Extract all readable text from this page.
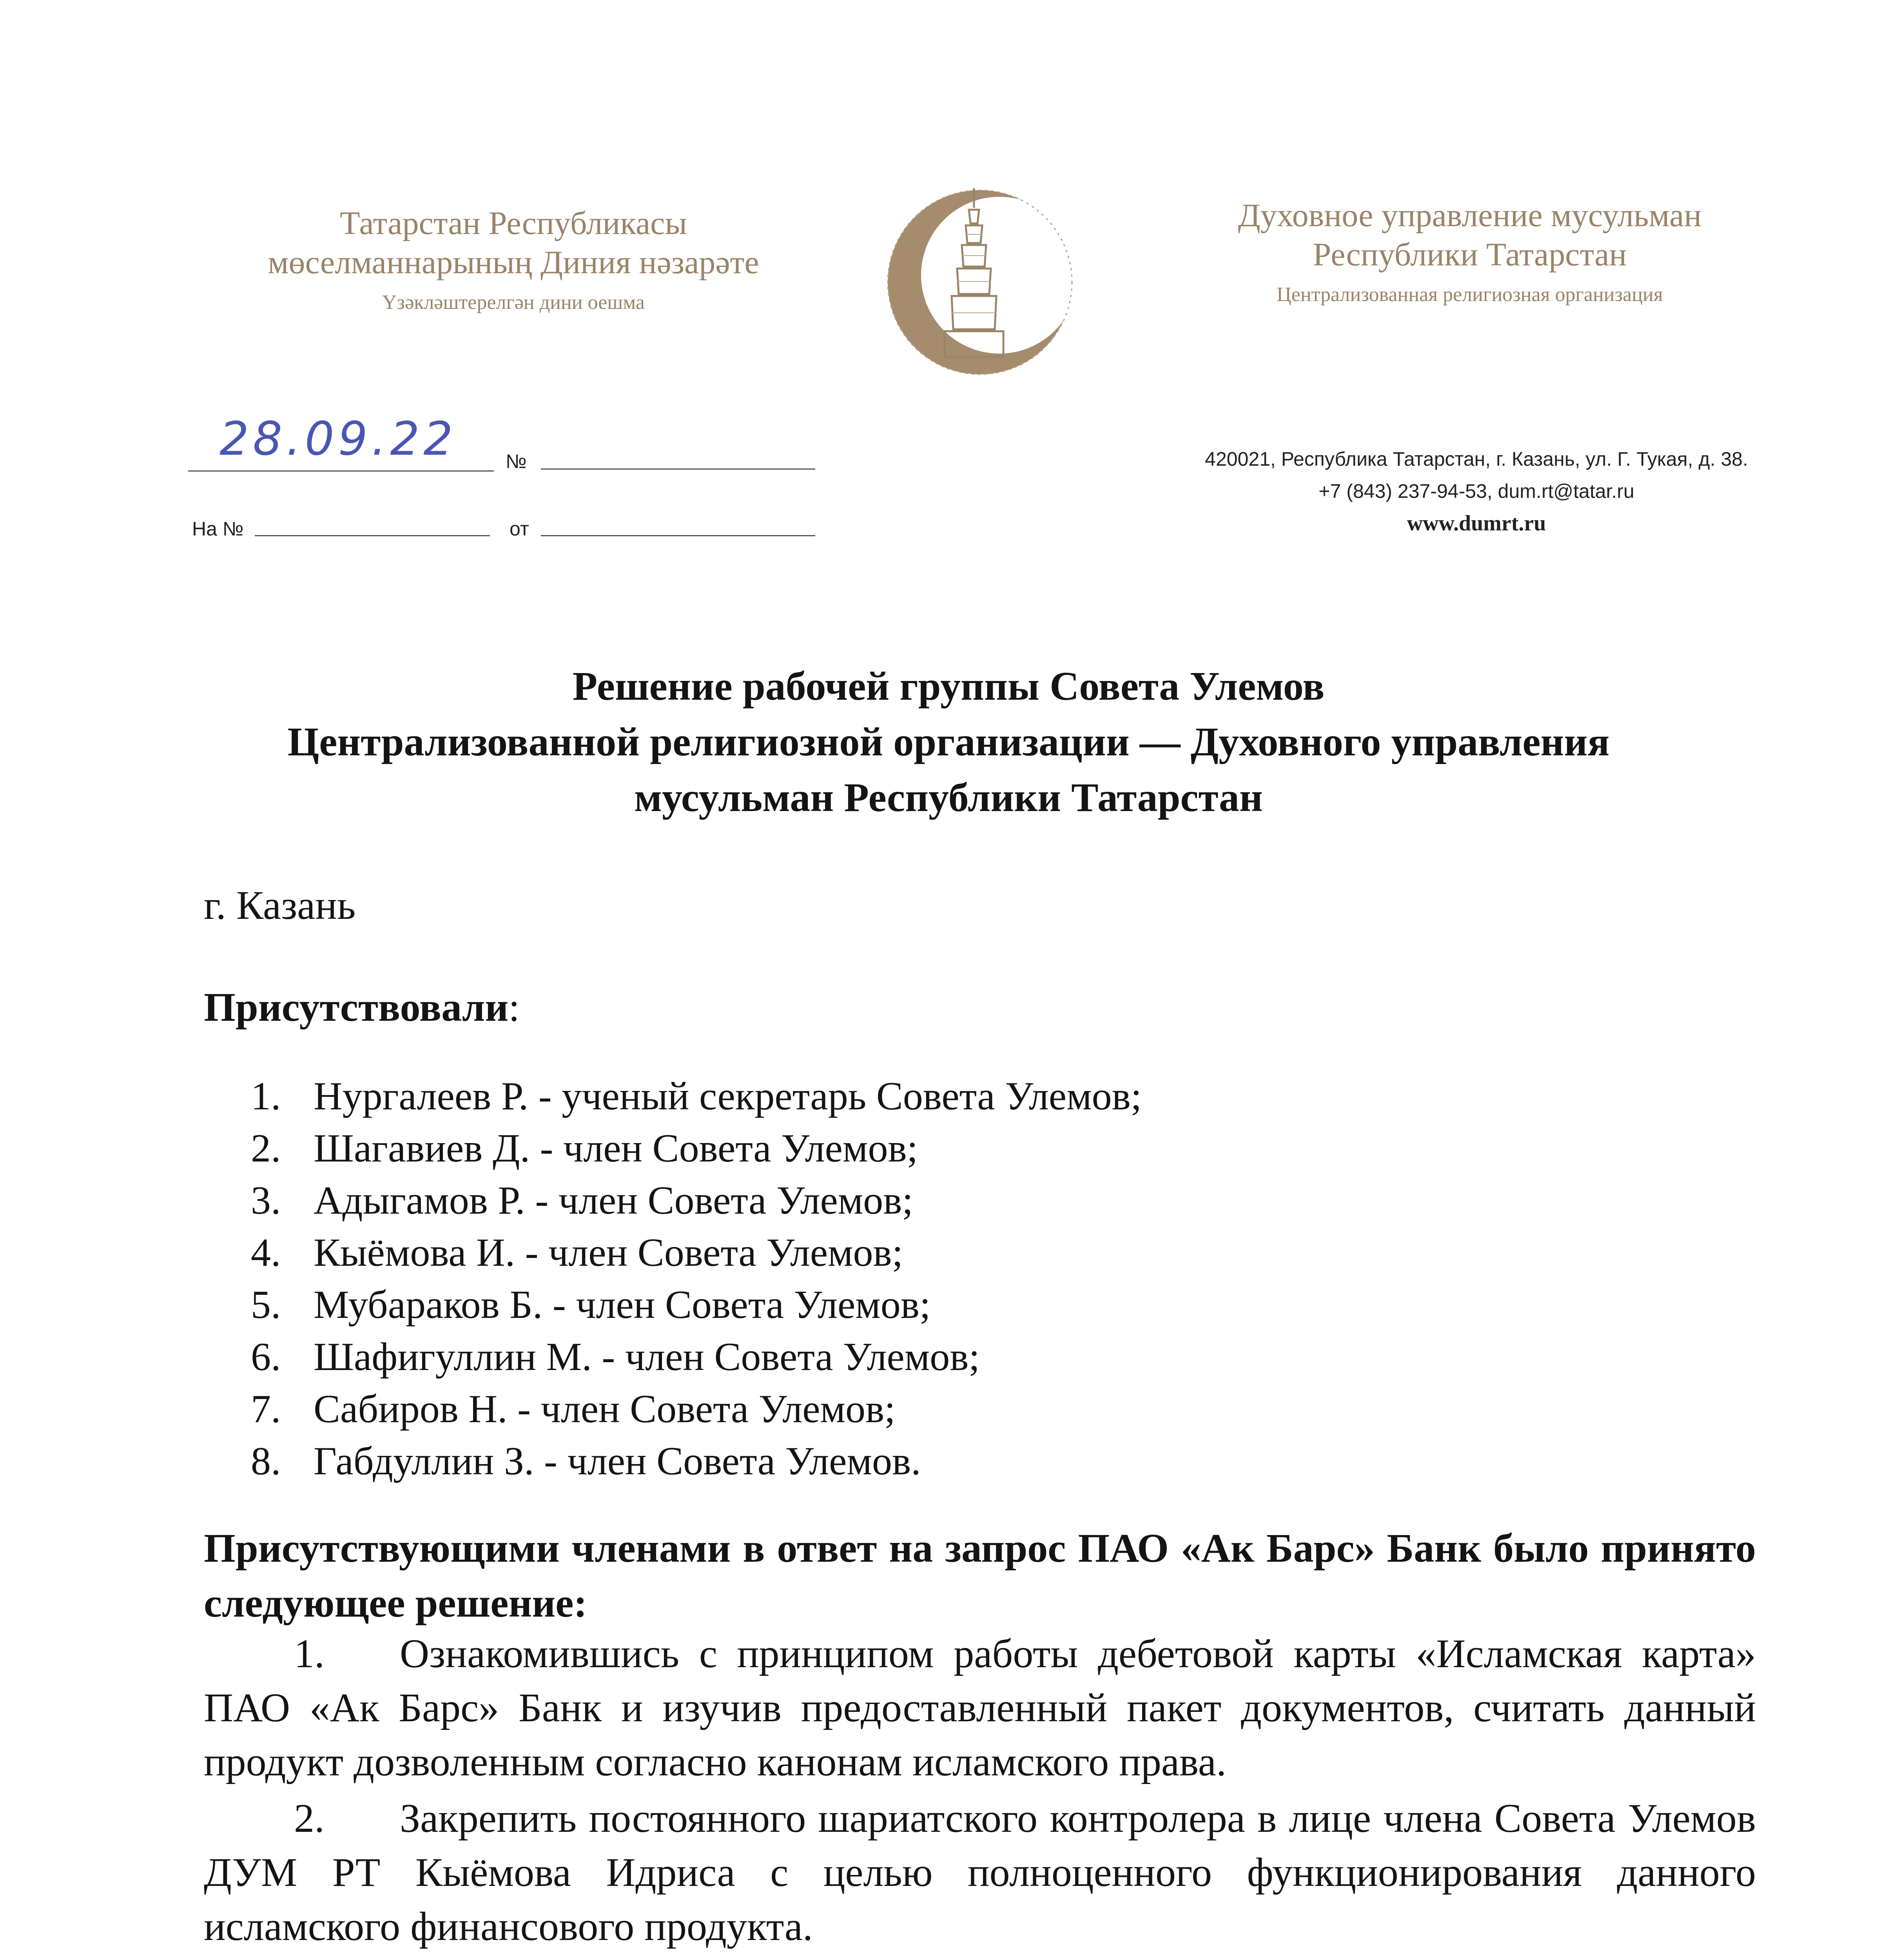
Татарстан Республикасы
мөселманнарының Диния нәзарәте
Үзәкләштерелгән дини оешма
Духовное управление мусульман
Республики Татарстан
Централизованная религиозная организация
28.09.22 №
На №	от
420021, Республика Татарстан, г. Казань, ул. Г. Тукая, д. 38.
+7 (843) 237-94-53, dum.rt@tatar.ru
www.dumrt.ru
Решение рабочей группы Совета Улемов
Централизованной религиозной организации — Духовного управления
мусульман Республики Татарстан
г. Казань
Присутствовали:
1. Нургалеев Р. - ученый секретарь Совета Улемов;
2. Шагавиев Д. - член Совета Улемов;
3. Адыгамов Р. - член Совета Улемов;
4. Кыёмова И. - член Совета Улемов;
5. Мубараков Б. - член Совета Улемов;
6. Шафигуллин М. - член Совета Улемов;
7. Сабиров Н. - член Совета Улемов;
8. Габдуллин З. - член Совета Улемов.
Присутствующими членами в ответ на запрос ПАО «Ак Барс» Банк было принято следующее решение:
1. Ознакомившись с принципом работы дебетовой карты «Исламская карта» ПАО «Ак Барс» Банк и изучив предоставленный пакет документов, считать данный продукт дозволенным согласно канонам исламского права.
2. Закрепить постоянного шариатского контролера в лице члена Совета Улемов ДУМ РТ Кыёмова Идриса с целью полноценного функционирования данного исламского финансового продукта.
